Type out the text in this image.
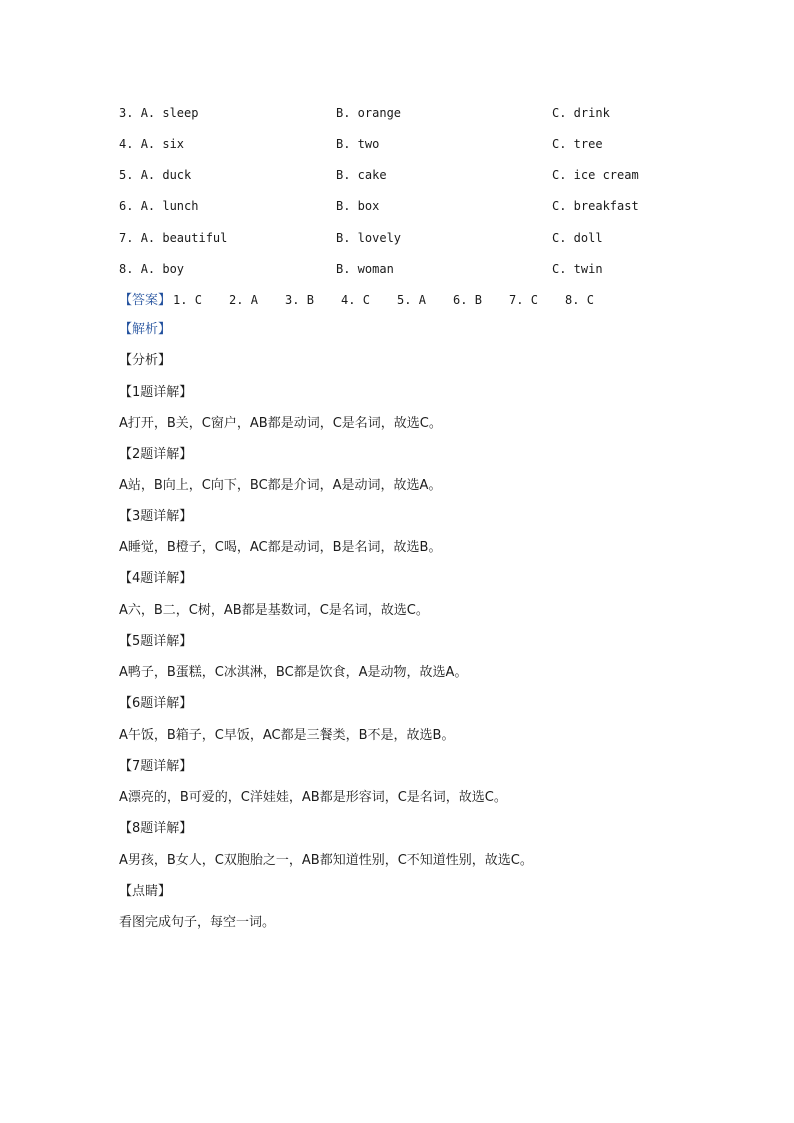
3. A. sleep	B. orange	C. drink
4. A. six	B. two	C. tree
5. A. duck	B. cake	C. ice cream
6. A. lunch	B. box	C. breakfast
7. A. beautiful	B. lovely	C. doll
8. A. boy	B. woman	C. twin
【答案】 1. C 2. A 3. B 4. C 5. A 6. B 7. C 8. C
【解析】
【分析】
【1题详解】
A打开，B关，C窗户，AB都是动词，C是名词，故选C。
【2题详解】
A站，B向上，C向下，BC都是介词，A是动词，故选A。
【3题详解】
A睡觉，B橙子，C喝，AC都是动词，B是名词，故选B。
【4题详解】
A六，B二，C树，AB都是基数词，C是名词，故选C。
【5题详解】
A鸭子，B蛋糕，C冰淇淋，BC都是饮食，A是动物，故选A。
【6题详解】
A午饭，B箱子，C早饭，AC都是三餐类，B不是，故选B。
【7题详解】
A漂亮的，B可爱的，C洋娃娃，AB都是形容词，C是名词，故选C。
【8题详解】
A男孩，B女人，C双胞胎之一，AB都知道性别，C不知道性别，故选C。
【点睛】
看图完成句子，每空一词。
